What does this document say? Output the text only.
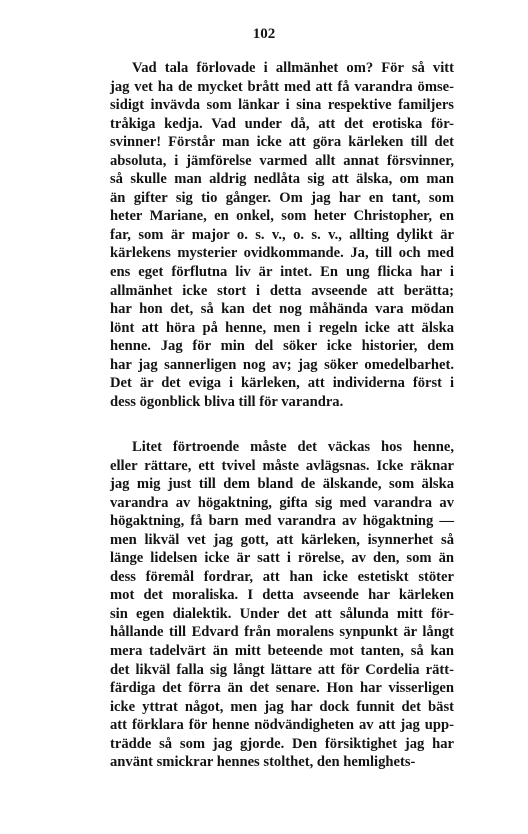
102
Vad tala förlovade i allmänhet om? För så vitt
jag vet ha de mycket brått med att få varandra ömse-
sidigt invävda som länkar i sina respektive familjers
tråkiga kedja. Vad under då, att det erotiska för-
svinner! Förstår man icke att göra kärleken till det
absoluta, i jämförelse varmed allt annat försvinner,
så skulle man aldrig nedlåta sig att älska, om man
än gifter sig tio gånger. Om jag har en tant, som
heter Mariane, en onkel, som heter Christopher, en
far, som är major o. s. v., o. s. v., allting dylikt är
kärlekens mysterier ovidkommande. Ja, till och med
ens eget förflutna liv är intet. En ung flicka har i
allmänhet icke stort i detta avseende att berätta;
har hon det, så kan det nog måhända vara mödan
lönt att höra på henne, men i regeln icke att älska
henne. Jag för min del söker icke historier, dem
har jag sannerligen nog av; jag söker omedelbarhet.
Det är det eviga i kärleken, att individerna först i
dess ögonblick bliva till för varandra.
Litet förtroende måste det väckas hos henne,
eller rättare, ett tvivel måste avlägsnas. Icke räknar
jag mig just till dem bland de älskande, som älska
varandra av högaktning, gifta sig med varandra av
högaktning, få barn med varandra av högaktning —
men likväl vet jag gott, att kärleken, isynnerhet så
länge lidelsen icke är satt i rörelse, av den, som än
dess föremål fordrar, att han icke estetiskt stöter
mot det moraliska. I detta avseende har kärleken
sin egen dialektik. Under det att sålunda mitt för-
hållande till Edvard från moralens synpunkt är långt
mera tadelvärt än mitt beteende mot tanten, så kan
det likväl falla sig långt lättare att för Cordelia rätt-
färdiga det förra än det senare. Hon har visserligen
icke yttrat något, men jag har dock funnit det bäst
att förklara för henne nödvändigheten av att jag upp-
trädde så som jag gjorde. Den försiktighet jag har
använt smickrar hennes stolthet, den hemlighets-
